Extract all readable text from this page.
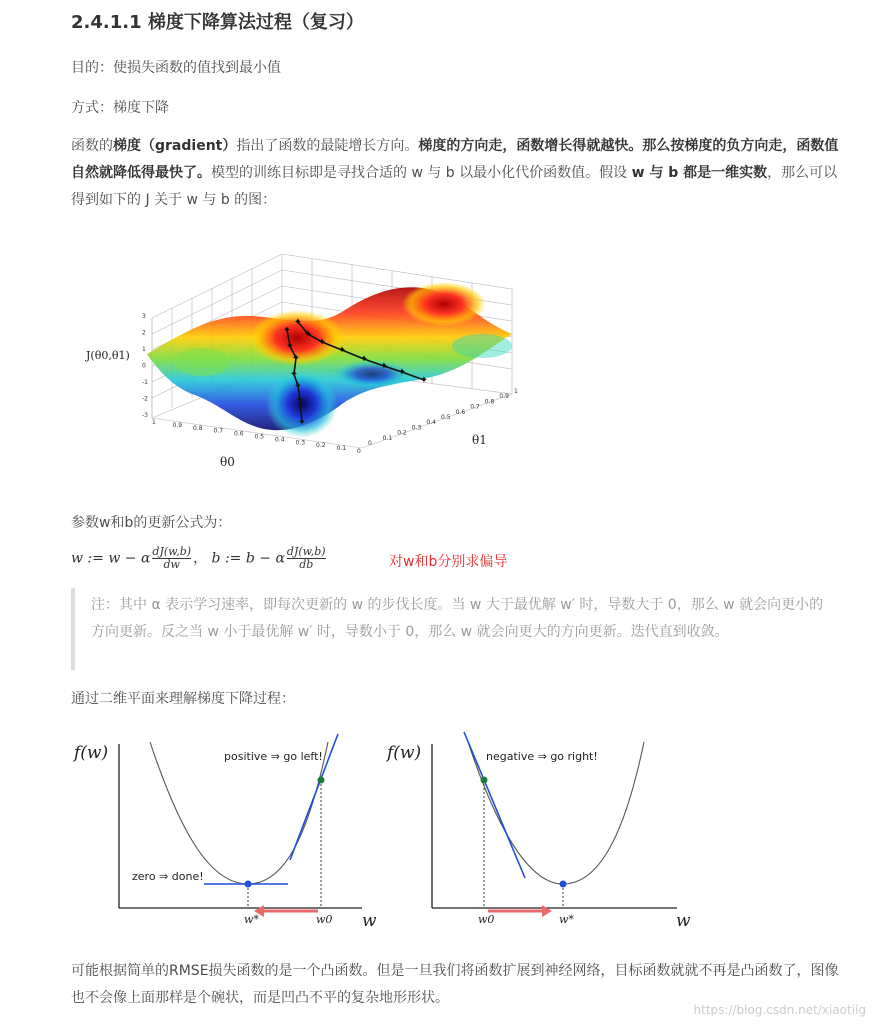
2.4.1.1 梯度下降算法过程（复习）

目的：使损失函数的值找到最小值

方式：梯度下降

函数的梯度（gradient）指出了函数的最陡增长方向。梯度的方向走，函数增长得就越快。那么按梯度的负方向走，函数值自然就降低得最快了。模型的训练目标即是寻找合适的 w 与 b 以最小化代价函数值。假设 w 与 b 都是一维实数，那么可以得到如下的 J 关于 w 与 b 的图：

参数w和b的更新公式为：

w := w − α $\frac{dJ(w,b)}{dw}$ ， b := b − α $\frac{dJ(w,b)}{db}$	对w和b分别求偏导

注：其中 α 表示学习速率，即每次更新的 w 的步伐长度。当 w 大于最优解 w′ 时，导数大于 0，那么 w 就会向更小的方向更新。反之当 w 小于最优解 w′ 时，导数小于 0，那么 w 就会向更大的方向更新。迭代直到收敛。

通过二维平面来理解梯度下降过程：

可能根据简单的RMSE损失函数的是一个凸函数。但是一旦我们将函数扩展到神经网络，目标函数就就不再是凸函数了，图像也不会像上面那样是个碗状，而是凹凸不平的复杂地形形状。

✦
✦
✦
✦
✦
✦
✦
✦
✦
✦
✦
✦
✦
✦
✦
J(θ0,θ1)
θ0
θ1
3
2
1
0
-1
-2
-3
1	0.9 0.8 0.7 0.6 0.5 0.4 0.3 0.2 0.1 0
0
0.1
0.2
0.3
0.4
0.5
0.6
0.7
0.8
0.9
1
f(w)
w
positive ⇒ go left!
zero ⇒ done!
w*	w0
f(w)
w
negative ⇒ go right!
w0	w*
https://blog.csdn.net/xiaotiig
